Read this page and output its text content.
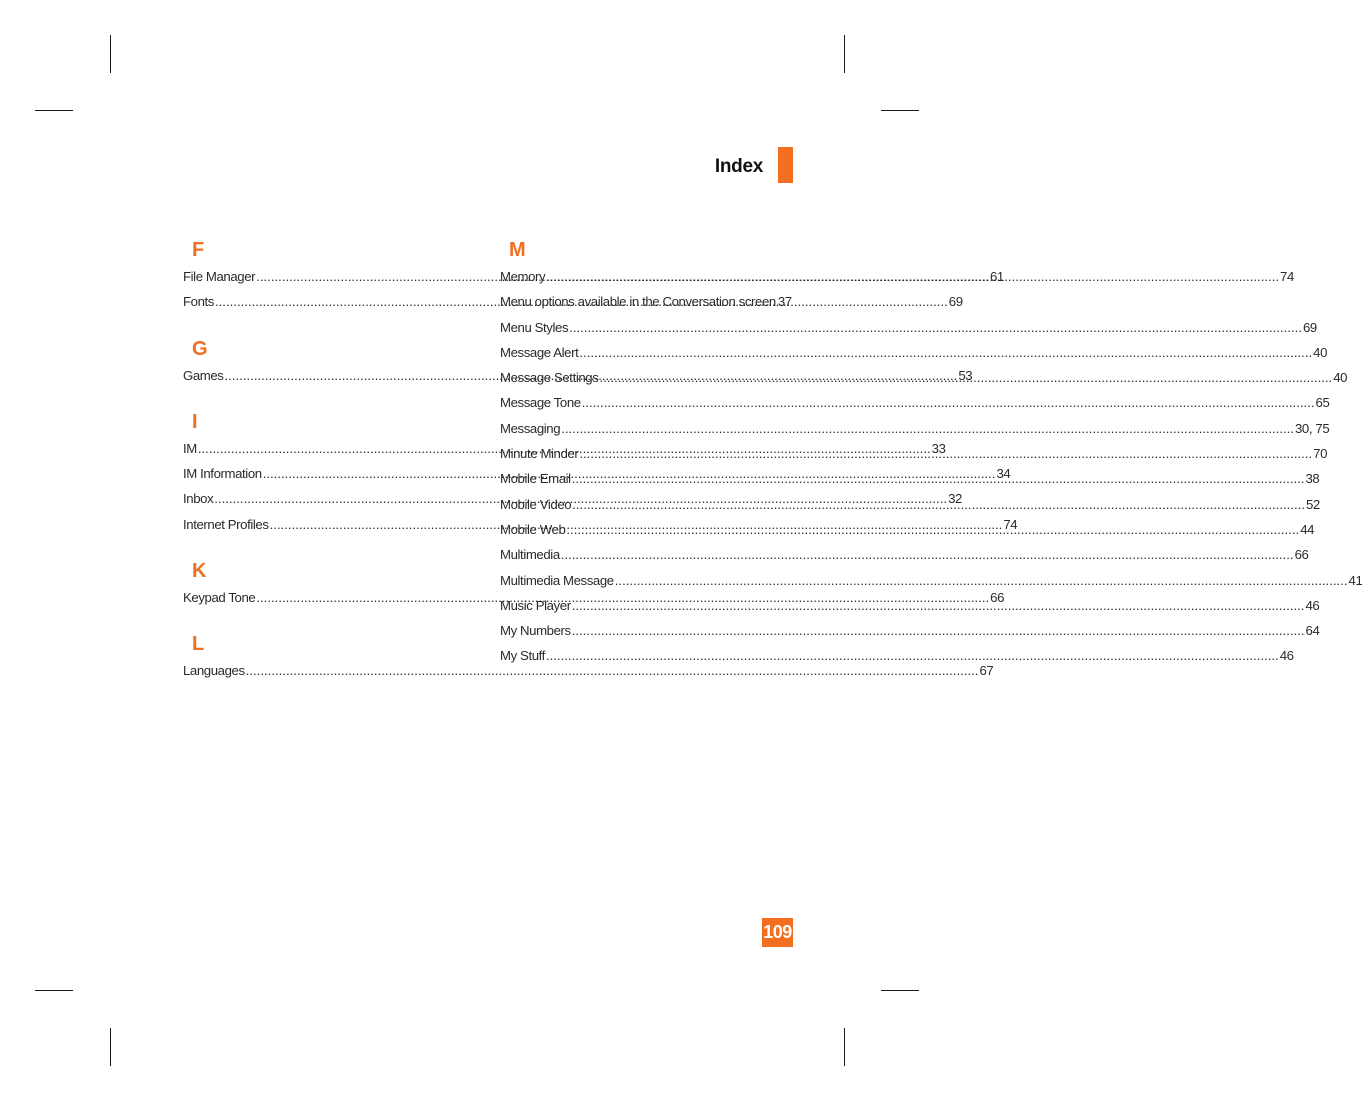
Index
F
File Manager .....	61
Fonts .....	69
G
Games .....	53
I
IM .....	33
IM Information .....	34
Inbox .....	32
Internet Profiles .....	74
K
Keypad Tone .....	66
L
Languages .....	67
M
Memory .....	74
Menu options available in the Conversation screen 37
Menu Styles .....	69
Message Alert .....	40
Message Settings .....	40
Message Tone .....	65
Messaging .....	30, 75
Minute Minder .....	70
Mobile Email .....	38
Mobile Video .....	52
Mobile Web .....	44
Multimedia .....	66
Multimedia Message .....	41
Music Player .....	46
My Numbers .....	64
My Stuff .....	46
109
